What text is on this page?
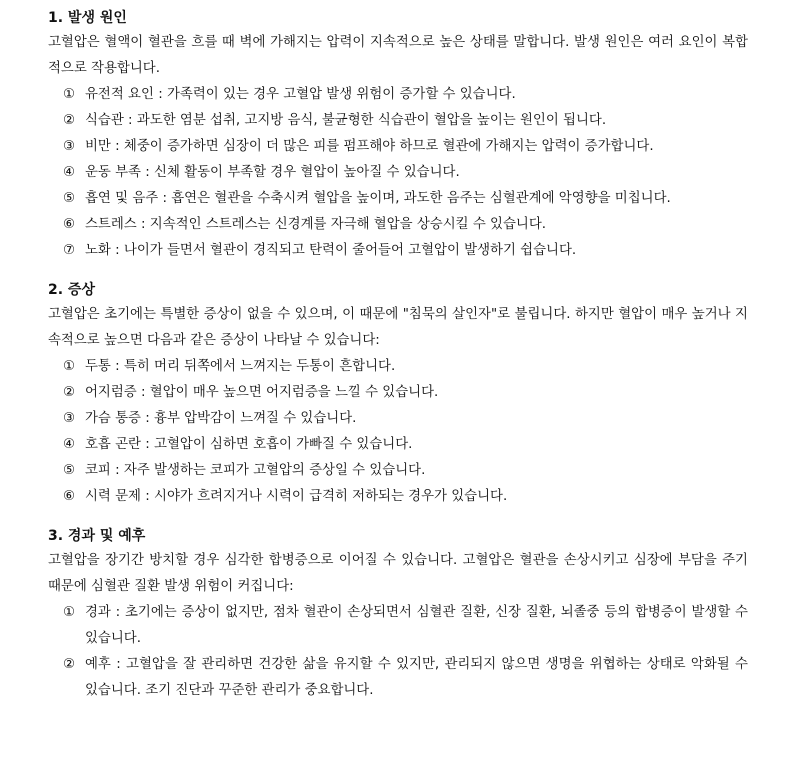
1. 발생 원인

고혈압은 혈액이 혈관을 흐를 때 벽에 가해지는 압력이 지속적으로 높은 상태를 말합니다. 발생 원인은 여러 요인이 복합적으로 작용합니다.

① 유전적 요인 : 가족력이 있는 경우 고혈압 발생 위험이 증가할 수 있습니다.
② 식습관 : 과도한 염분 섭취, 고지방 음식, 불균형한 식습관이 혈압을 높이는 원인이 됩니다.
③ 비만 : 체중이 증가하면 심장이 더 많은 피를 펌프해야 하므로 혈관에 가해지는 압력이 증가합니다.
④ 운동 부족 : 신체 활동이 부족할 경우 혈압이 높아질 수 있습니다.
⑤ 흡연 및 음주 : 흡연은 혈관을 수축시켜 혈압을 높이며, 과도한 음주는 심혈관계에 악영향을 미칩니다.
⑥ 스트레스 : 지속적인 스트레스는 신경계를 자극해 혈압을 상승시킬 수 있습니다.
⑦ 노화 : 나이가 들면서 혈관이 경직되고 탄력이 줄어들어 고혈압이 발생하기 쉽습니다.
2. 증상

고혈압은 초기에는 특별한 증상이 없을 수 있으며, 이 때문에 "침묵의 살인자"로 불립니다. 하지만 혈압이 매우 높거나 지속적으로 높으면 다음과 같은 증상이 나타날 수 있습니다:

① 두통 : 특히 머리 뒤쪽에서 느껴지는 두통이 흔합니다.
② 어지럼증 : 혈압이 매우 높으면 어지럼증을 느낄 수 있습니다.
③ 가슴 통증 : 흉부 압박감이 느껴질 수 있습니다.
④ 호흡 곤란 : 고혈압이 심하면 호흡이 가빠질 수 있습니다.
⑤ 코피 : 자주 발생하는 코피가 고혈압의 증상일 수 있습니다.
⑥ 시력 문제 : 시야가 흐려지거나 시력이 급격히 저하되는 경우가 있습니다.
3. 경과 및 예후

고혈압을 장기간 방치할 경우 심각한 합병증으로 이어질 수 있습니다. 고혈압은 혈관을 손상시키고 심장에 부담을 주기 때문에 심혈관 질환 발생 위험이 커집니다:

① 경과 : 초기에는 증상이 없지만, 점차 혈관이 손상되면서 심혈관 질환, 신장 질환, 뇌졸중 등의 합병증이 발생할 수 있습니다.
② 예후 : 고혈압을 잘 관리하면 건강한 삶을 유지할 수 있지만, 관리되지 않으면 생명을 위협하는 상태로 악화될 수 있습니다. 조기 진단과 꾸준한 관리가 중요합니다.
